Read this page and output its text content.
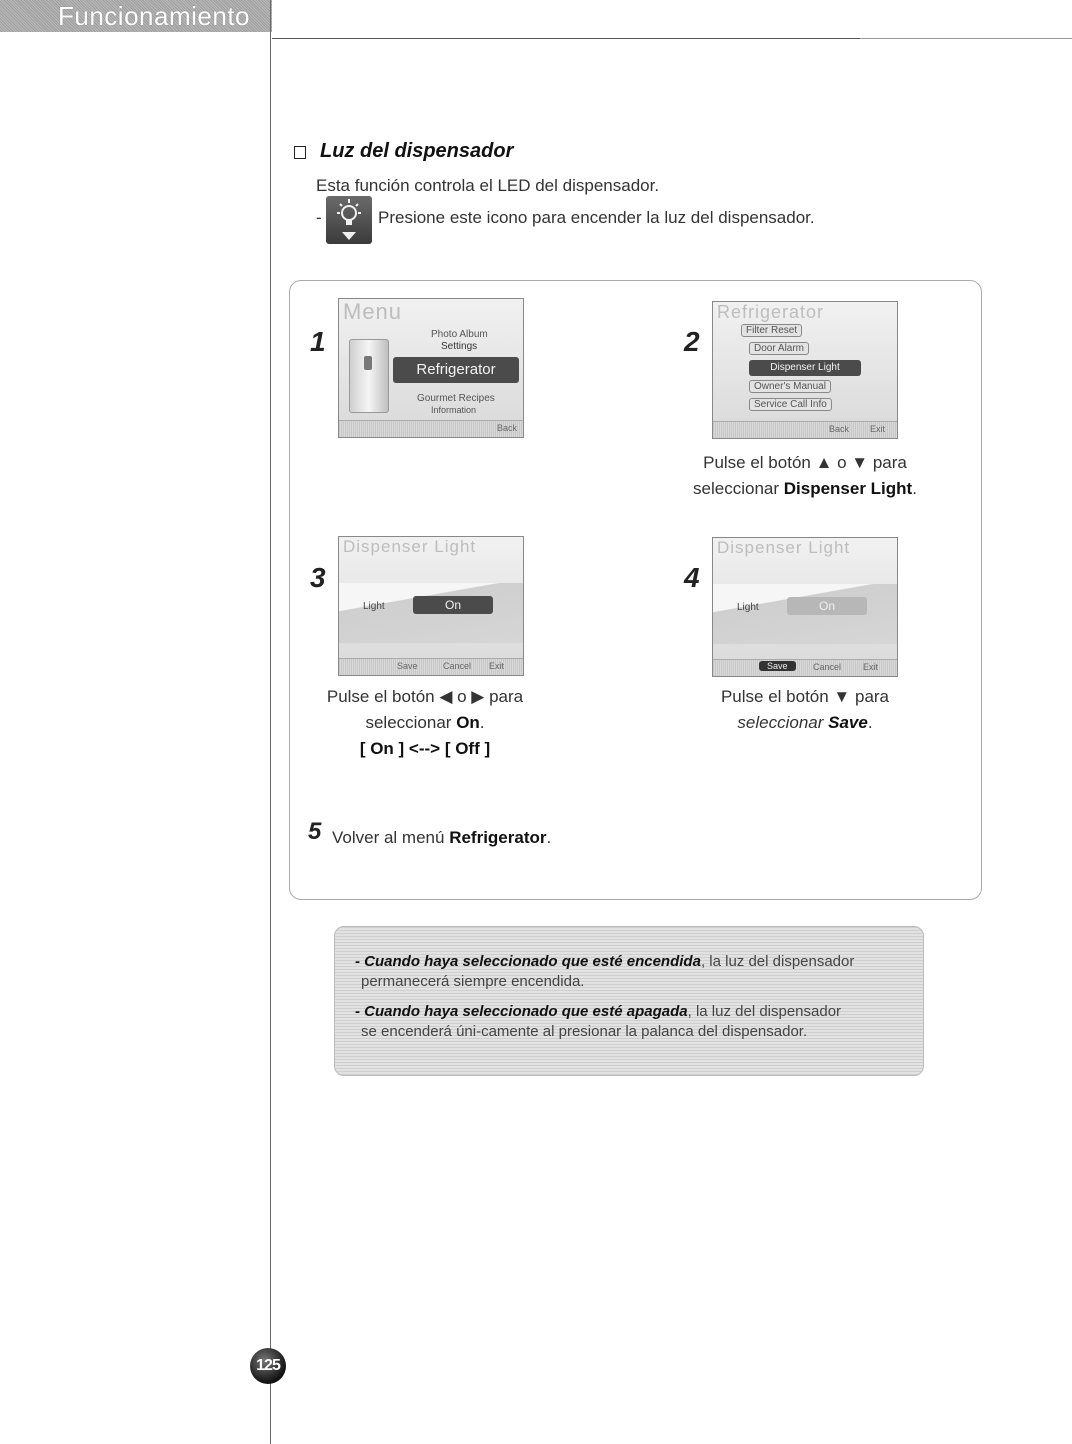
Funcionamiento
Luz del dispensador
Esta función controla el LED del dispensador.
-	Presione este icono para encender la luz del dispensador.
1
Menu
Photo Album
Settings
Refrigerator
Gourmet Recipes
Information
Back
2
Refrigerator
Filter Reset
Door Alarm
Dispenser Light
Owner's Manual
Service Call Info
Back Exit
Pulse el botón ▲ o ▼ para
seleccionar Dispenser Light.
3
Dispenser Light
Light	On
Save	Cancel Exit
Pulse el botón ◀ o ▶ para
seleccionar On.
[ On ] <--> [ Off ]
4
Dispenser Light
Light	On
Save	Cancel Exit
Pulse el botón ▼ para
seleccionar Save.
5 Volver al menú Refrigerator.
- Cuando haya seleccionado que esté encendida, la luz del dispensador
permanecerá siempre encendida.
- Cuando haya seleccionado que esté apagada, la luz del dispensador
se encenderá úni-camente al presionar la palanca del dispensador.
125
